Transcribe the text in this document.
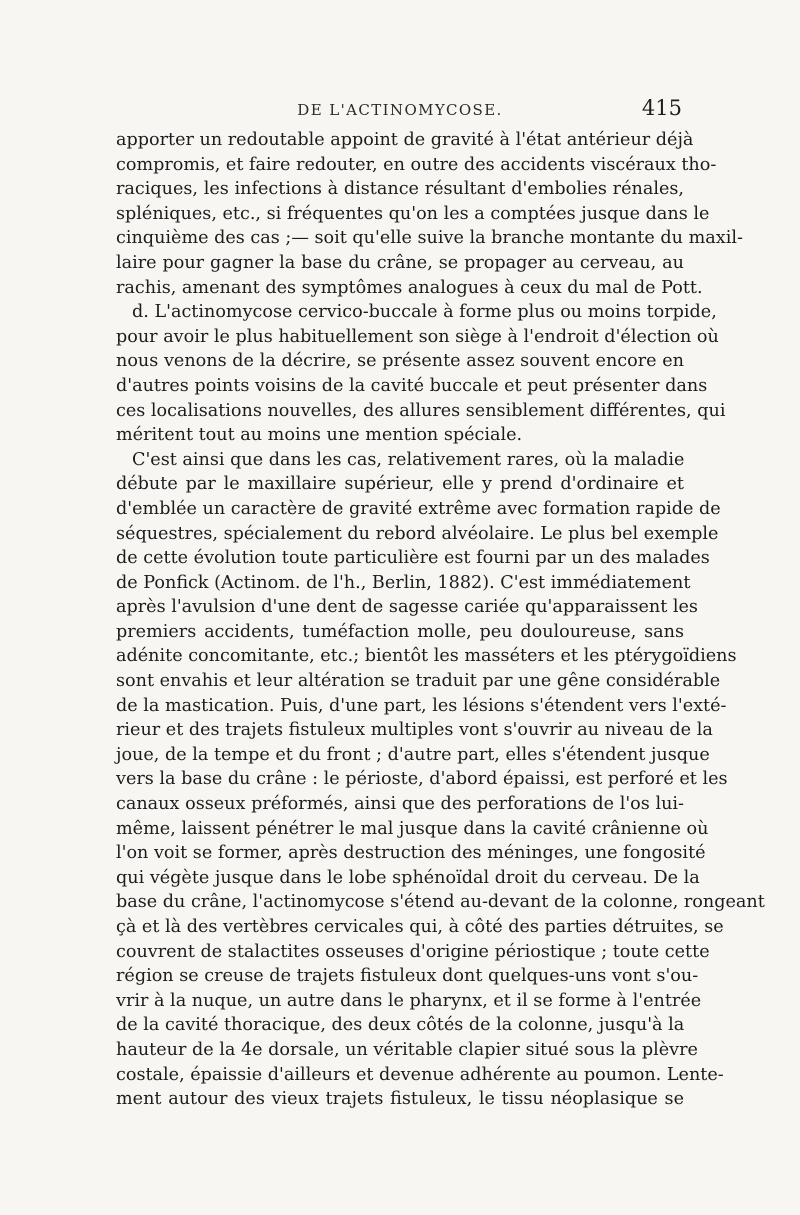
DE L'ACTINOMYCOSE.	415
apporter un redoutable appoint de gravité à l'état antérieur déjà
compromis, et faire redouter, en outre des accidents viscéraux tho-
raciques, les infections à distance résultant d'embolies rénales,
spléniques, etc., si fréquentes qu'on les a comptées jusque dans le
cinquième des cas ;— soit qu'elle suive la branche montante du maxil-
laire pour gagner la base du crâne, se propager au cerveau, au
rachis, amenant des symptômes analogues à ceux du mal de Pott.
d. L'actinomycose cervico-buccale à forme plus ou moins torpide,
pour avoir le plus habituellement son siège à l'endroit d'élection où
nous venons de la décrire, se présente assez souvent encore en
d'autres points voisins de la cavité buccale et peut présenter dans
ces localisations nouvelles, des allures sensiblement différentes, qui
méritent tout au moins une mention spéciale.
C'est ainsi que dans les cas, relativement rares, où la maladie
débute par le maxillaire supérieur, elle y prend d'ordinaire et
d'emblée un caractère de gravité extrême avec formation rapide de
séquestres, spécialement du rebord alvéolaire. Le plus bel exemple
de cette évolution toute particulière est fourni par un des malades
de Ponfick (Actinom. de l'h., Berlin, 1882). C'est immédiatement
après l'avulsion d'une dent de sagesse cariée qu'apparaissent les
premiers accidents, tuméfaction molle, peu douloureuse, sans
adénite concomitante, etc.; bientôt les masséters et les ptérygoïdiens
sont envahis et leur altération se traduit par une gêne considérable
de la mastication. Puis, d'une part, les lésions s'étendent vers l'exté-
rieur et des trajets fistuleux multiples vont s'ouvrir au niveau de la
joue, de la tempe et du front ; d'autre part, elles s'étendent jusque
vers la base du crâne : le périoste, d'abord épaissi, est perforé et les
canaux osseux préformés, ainsi que des perforations de l'os lui-
même, laissent pénétrer le mal jusque dans la cavité crânienne où
l'on voit se former, après destruction des méninges, une fongosité
qui végète jusque dans le lobe sphénoïdal droit du cerveau. De la
base du crâne, l'actinomycose s'étend au-devant de la colonne, rongeant
çà et là des vertèbres cervicales qui, à côté des parties détruites, se
couvrent de stalactites osseuses d'origine périostique ; toute cette
région se creuse de trajets fistuleux dont quelques-uns vont s'ou-
vrir à la nuque, un autre dans le pharynx, et il se forme à l'entrée
de la cavité thoracique, des deux côtés de la colonne, jusqu'à la
hauteur de la 4e dorsale, un véritable clapier situé sous la plèvre
costale, épaissie d'ailleurs et devenue adhérente au poumon. Lente-
ment autour des vieux trajets fistuleux, le tissu néoplasique se
